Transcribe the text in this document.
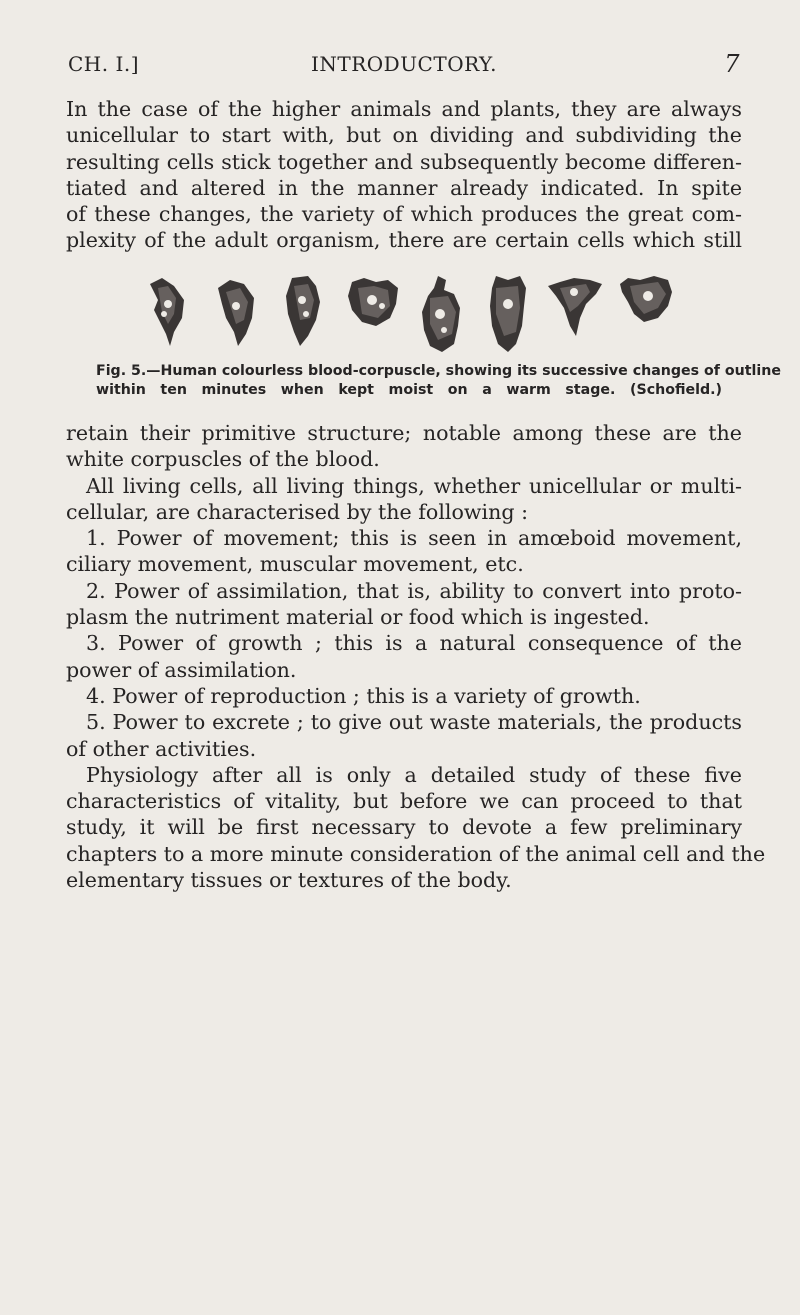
CH. I.]	INTRODUCTORY.	7
In the case of the higher animals and plants, they are always
unicellular to start with, but on dividing and subdividing the
resulting cells stick together and subsequently become differen-
tiated and altered in the manner already indicated. In spite
of these changes, the variety of which produces the great com-
plexity of the adult organism, there are certain cells which still
Fig. 5.—Human colourless blood-corpuscle, showing its successive changes of outline
within ten minutes when kept moist on a warm stage. (Schofield.)
retain their primitive structure; notable among these are the
white corpuscles of the blood.
All living cells, all living things, whether unicellular or multi-
cellular, are characterised by the following :
1. Power of movement; this is seen in amœboid movement,
ciliary movement, muscular movement, etc.
2. Power of assimilation, that is, ability to convert into proto-
plasm the nutriment material or food which is ingested.
3. Power of growth ; this is a natural consequence of the
power of assimilation.
4. Power of reproduction ; this is a variety of growth.
5. Power to excrete ; to give out waste materials, the products
of other activities.
Physiology after all is only a detailed study of these five
characteristics of vitality, but before we can proceed to that
study, it will be first necessary to devote a few preliminary
chapters to a more minute consideration of the animal cell and the
elementary tissues or textures of the body.
